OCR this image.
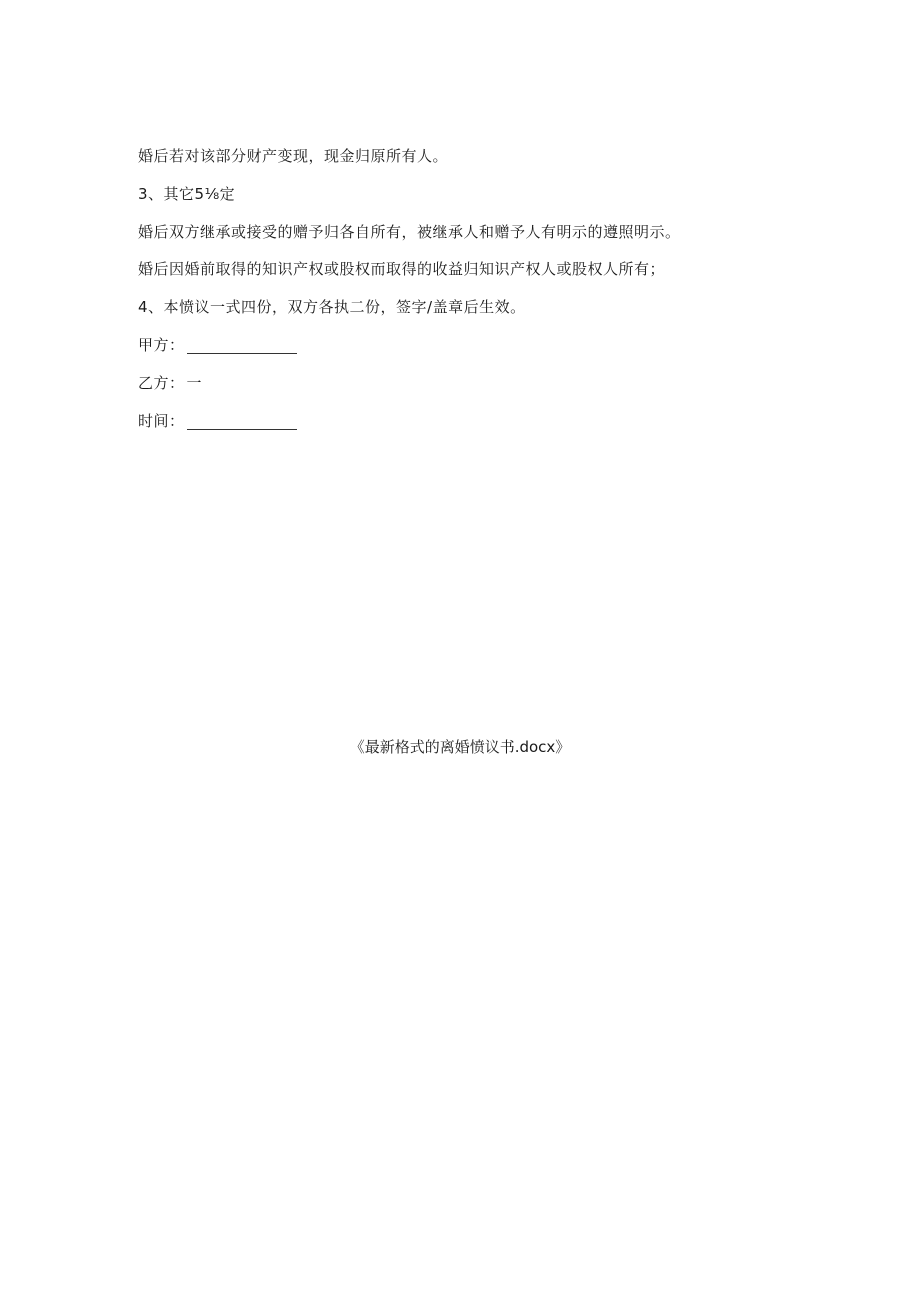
婚后若对该部分财产变现，现金归原所有人。
3、其它5⅛定
婚后双方继承或接受的赠予归各自所有，被继承人和赠予人有明示的遵照明示。
婚后因婚前取得的知识产权或股权而取得的收益归知识产权人或股权人所有；
4、本愤议一式四份，双方各执二份，签字/盖章后生效。
甲方：
乙方： 一
时间：
《最新格式的离婚愤议书.docx》
